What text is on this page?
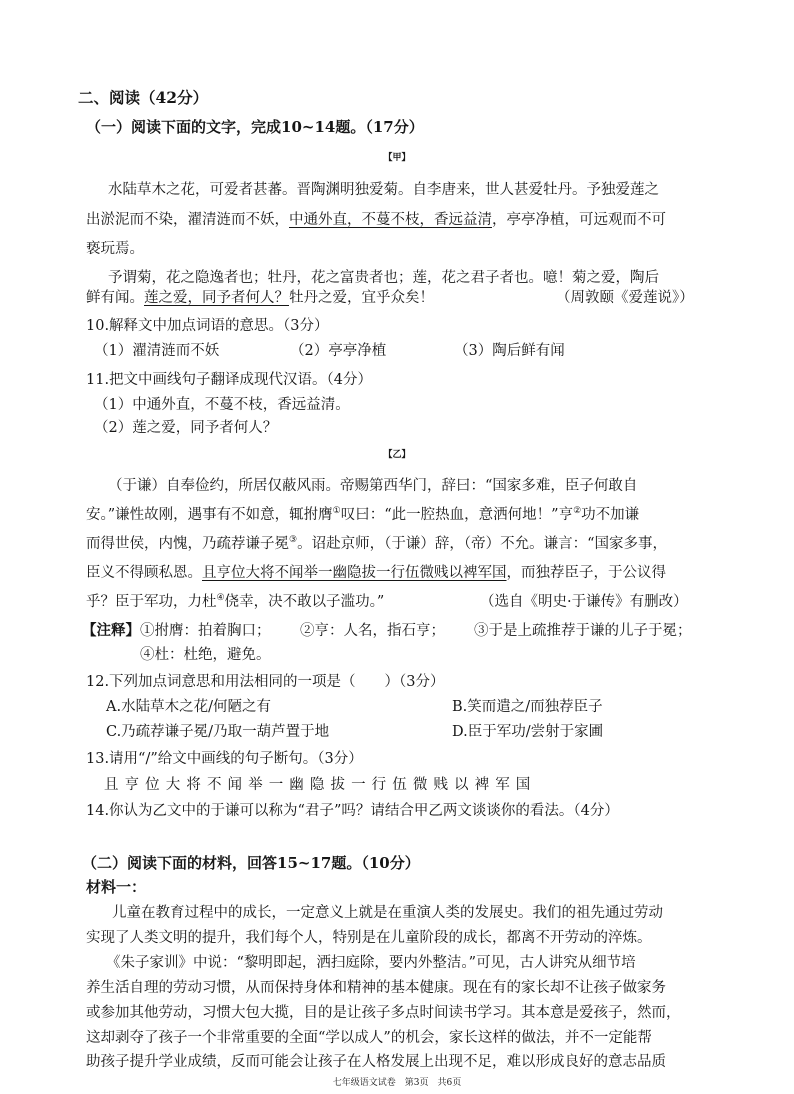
二、阅读（42分）
（一）阅读下面的文字，完成10~14题。（17分）
【甲】
水陆草木之花，可爱者甚蕃。晋陶渊明独爱菊。自李唐来，世人甚爱牡丹。予独爱莲之
出淤泥而不染，濯清涟而不妖，中通外直，不蔓不枝，香远益清，亭亭净植，可远观而不可
亵玩焉。
予谓菊，花之隐逸者也；牡丹，花之富贵者也；莲，花之君子者也。噫！菊之爱，陶后
鲜有闻。莲之爱，同予者何人？牡丹之爱，宜乎众矣！	（周敦颐《爱莲说》）
10.解释文中加点词语的意思。（3分）
（1）濯清涟而不妖	（2）亭亭净植	（3）陶后鲜有闻
11.把文中画线句子翻译成现代汉语。（4分）
（1）中通外直，不蔓不枝，香远益清。
（2）莲之爱，同予者何人？
【乙】
（于谦）自奉俭约，所居仅蔽风雨。帝赐第西华门，辞曰：“国家多难，臣子何敢自
安。”谦性故刚，遇事有不如意，辄拊膺①叹曰：“此一腔热血，意洒何地！”亨②功不加谦
而得世侯，内愧，乃疏荐谦子冕③。诏赴京师，（于谦）辞，（帝）不允。谦言：“国家多事，
臣义不得顾私恩。且亨位大将不闻举一幽隐拔一行伍微贱以裨军国，而独荐臣子，于公议得
乎？臣于军功，力杜④侥幸，决不敢以子滥功。”	（选自《明史·于谦传》有删改）
【注释】①拊膺：拍着胸口； ②亨：人名，指石亨； ③于是上疏推荐于谦的儿子于冕；
④杜：杜绝，避免。
12.下列加点词意思和用法相同的一项是（　　）（3分）
A.水陆草木之花/何陋之有	B.笑而遣之/而独荐臣子
C.乃疏荐谦子冕/乃取一葫芦置于地	D.臣于军功/尝射于家圃
13.请用“/”给文中画线的句子断句。（3分）
且亨位大将不闻举一幽隐拔一行伍微贱以裨军国
14.你认为乙文中的于谦可以称为“君子”吗？请结合甲乙两文谈谈你的看法。（4分）
（二）阅读下面的材料，回答15~17题。（10分）
材料一：
儿童在教育过程中的成长，一定意义上就是在重演人类的发展史。我们的祖先通过劳动
实现了人类文明的提升，我们每个人，特别是在儿童阶段的成长，都离不开劳动的淬炼。
《朱子家训》中说：“黎明即起，洒扫庭除，要内外整洁。”可见，古人讲究从细节培
养生活自理的劳动习惯，从而保持身体和精神的基本健康。现在有的家长却不让孩子做家务
或参加其他劳动，习惯大包大揽，目的是让孩子多点时间读书学习。其本意是爱孩子，然而，
这却剥夺了孩子一个非常重要的全面“学以成人”的机会，家长这样的做法，并不一定能帮
助孩子提升学业成绩，反而可能会让孩子在人格发展上出现不足，难以形成良好的意志品质
七年级语文试卷　第3页　共6页
